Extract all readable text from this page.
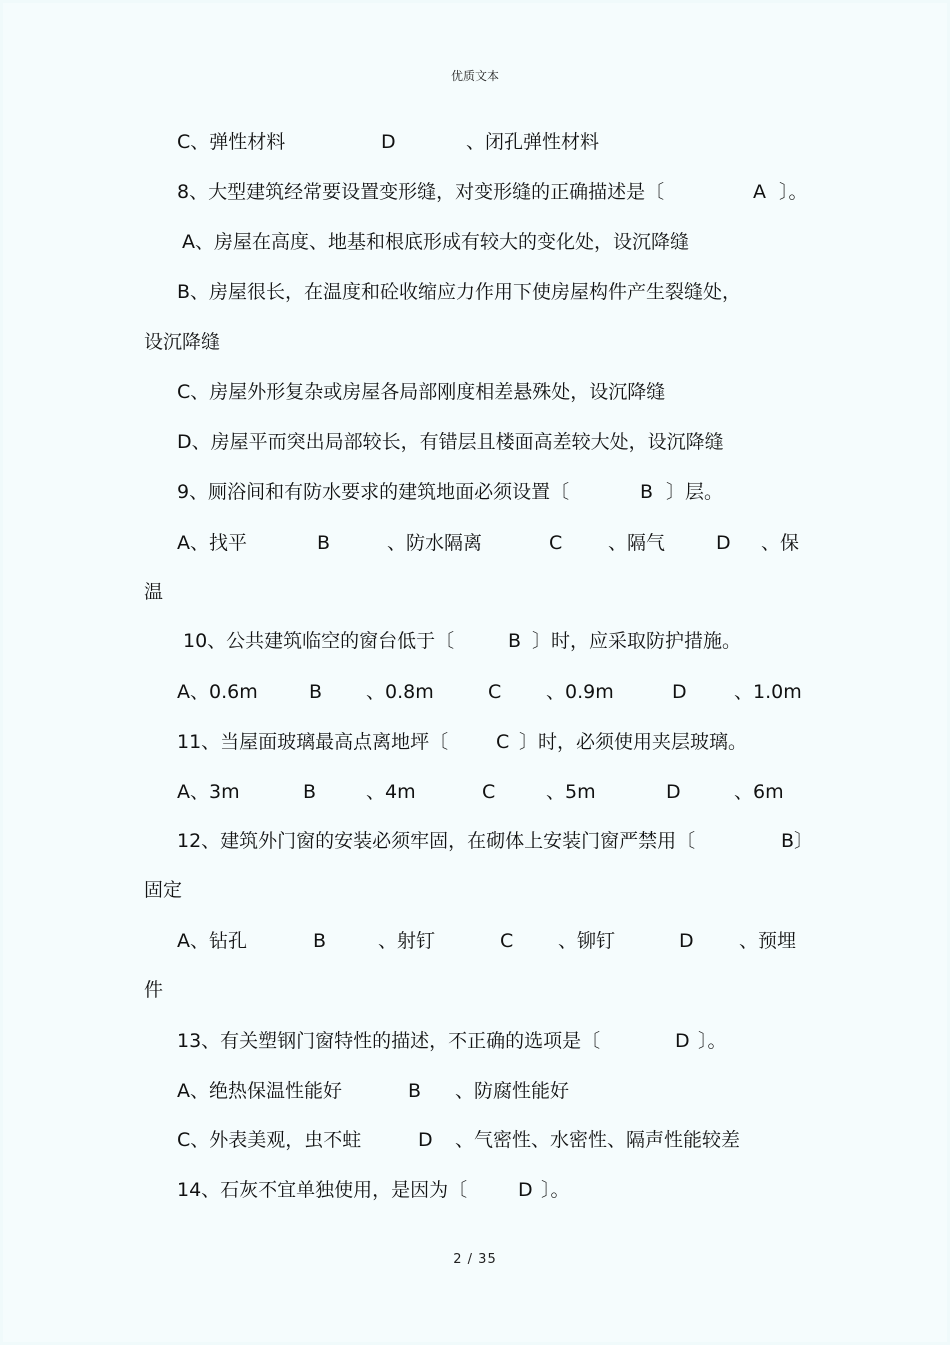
优质文本
C、弹性材料	D	、闭孔弹性材料
8、大型建筑经常要设置变形缝，对变形缝的正确描述是〔	A 〕。
A、房屋在高度、地基和根底形成有较大的变化处，设沉降缝
B、房屋很长，在温度和砼收缩应力作用下使房屋构件产生裂缝处，
设沉降缝
C、房屋外形复杂或房屋各局部刚度相差悬殊处，设沉降缝
D、房屋平而突出局部较长，有错层且楼面高差较大处，设沉降缝
9、厕浴间和有防水要求的建筑地面必须设置〔	B 〕层。
A、找平	B	、防水隔离	C 、隔气	D 、保
温
10、公共建筑临空的窗台低于〔	B 〕时，应采取防护措施。
A、0.6m	B 、0.8m	C 、0.9m	D 、1.0m
11、当屋面玻璃最高点离地坪〔	C 〕时，必须使用夹层玻璃。
A、3m	B	、4m	C	、5m	D	、6m
12、建筑外门窗的安装必须牢固，在砌体上安装门窗严禁用〔	B〕
固定
A、钻孔	B	、射钉	C 、铆钉	D 、预埋
件
13、有关塑钢门窗特性的描述，不正确的选项是〔	D 〕。
A、绝热保温性能好	B 、防腐性能好
C、外表美观，虫不蛀	D 、气密性、水密性、隔声性能较差
14、石灰不宜单独使用，是因为〔	D 〕。
2 / 35
